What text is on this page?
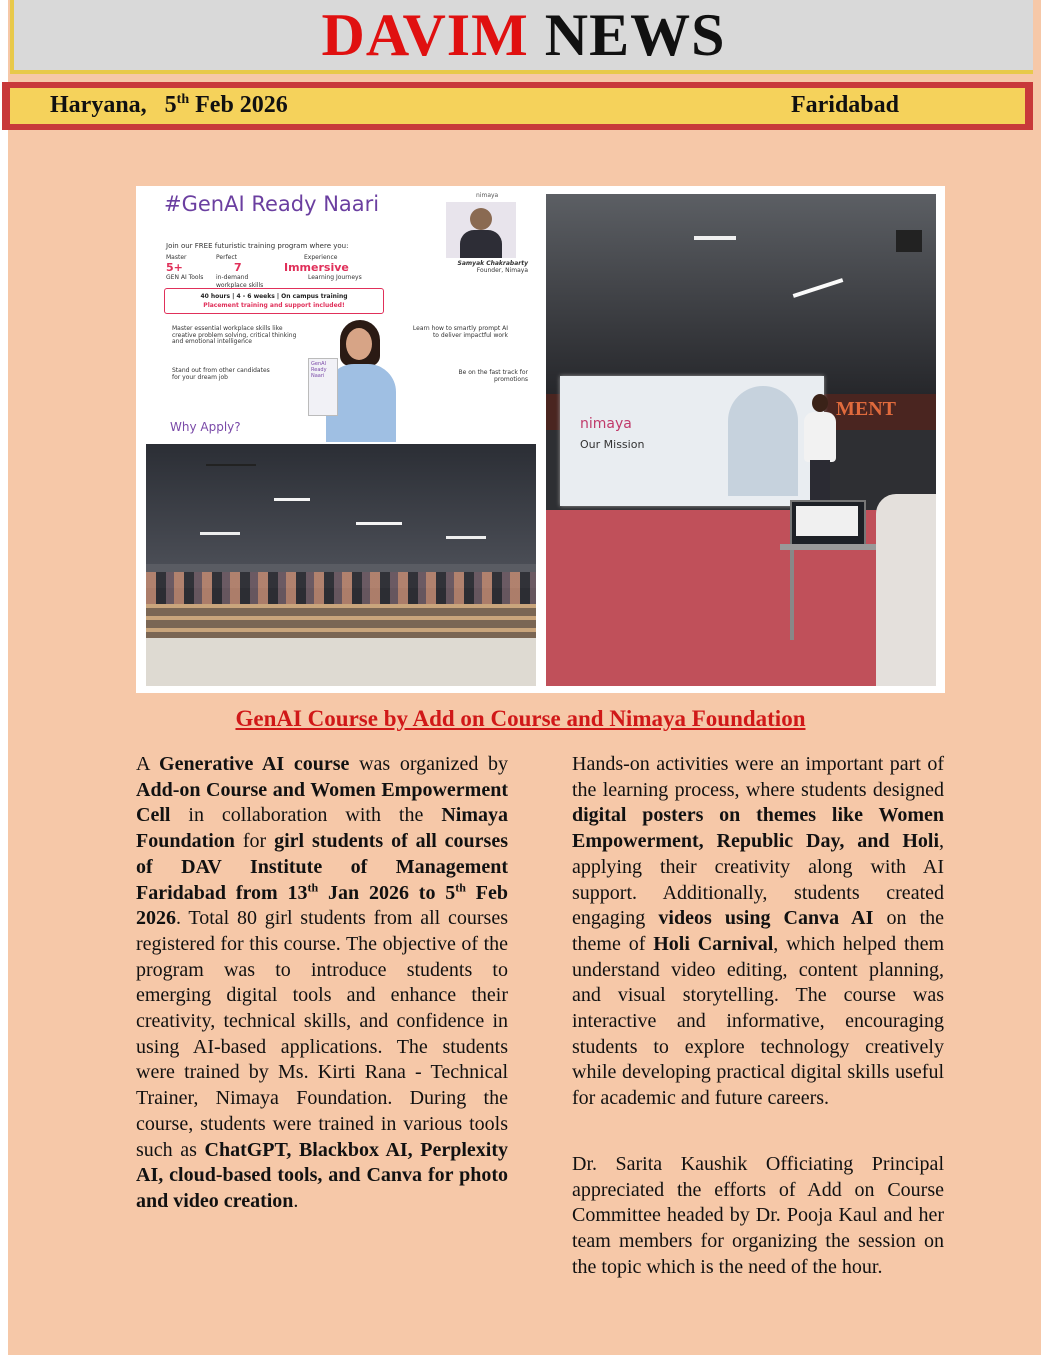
DAVIM NEWS
Haryana, 5th Feb 2026	Faridabad
#GenAI Ready Naari	nimaya
Join our FREE futuristic training program where you:
Master
5+
GEN AI Tools
Perfect
7
in-demand workplace skills
Experience
Immersive
Learning Journeys
Samyak Chakrabarty
Founder, Nimaya
40 hours | 4 - 6 weeks | On campus training
Placement training and support included!
Master essential workplace skills like creative problem solving, critical thinking and emotional intelligence
Learn how to smartly prompt AI to deliver impactful work
Stand out from other candidates for your dream job
Be on the fast track for promotions
GenAI Ready Naari
Why Apply?
MENT
nimaya
Our Mission
GenAI Course by Add on Course and Nimaya Foundation

A Generative AI course was organized by Add-on Course and Women Empowerment Cell in collaboration with the Nimaya Foundation for girl students of all courses of DAV Institute of Management Faridabad from 13th Jan 2026 to 5th Feb 2026. Total 80 girl students from all courses registered for this course. The objective of the program was to introduce students to emerging digital tools and enhance their creativity, technical skills, and confidence in using AI-based applications. The students were trained by Ms. Kirti Rana - Technical Trainer, Nimaya Foundation. During the course, students were trained in various tools such as ChatGPT, Blackbox AI, Perplexity AI, cloud-based tools, and Canva for photo and video creation.

Hands-on activities were an important part of the learning process, where students designed digital posters on themes like Women Empowerment, Republic Day, and Holi, applying their creativity along with AI support. Additionally, students created engaging videos using Canva AI on the theme of Holi Carnival, which helped them understand video editing, content planning, and visual storytelling. The course was interactive and informative, encouraging students to explore technology creatively while developing practical digital skills useful for academic and future careers.

Dr. Sarita Kaushik Officiating Principal appreciated the efforts of Add on Course Committee headed by Dr. Pooja Kaul and her team members for organizing the session on the topic which is the need of the hour.
